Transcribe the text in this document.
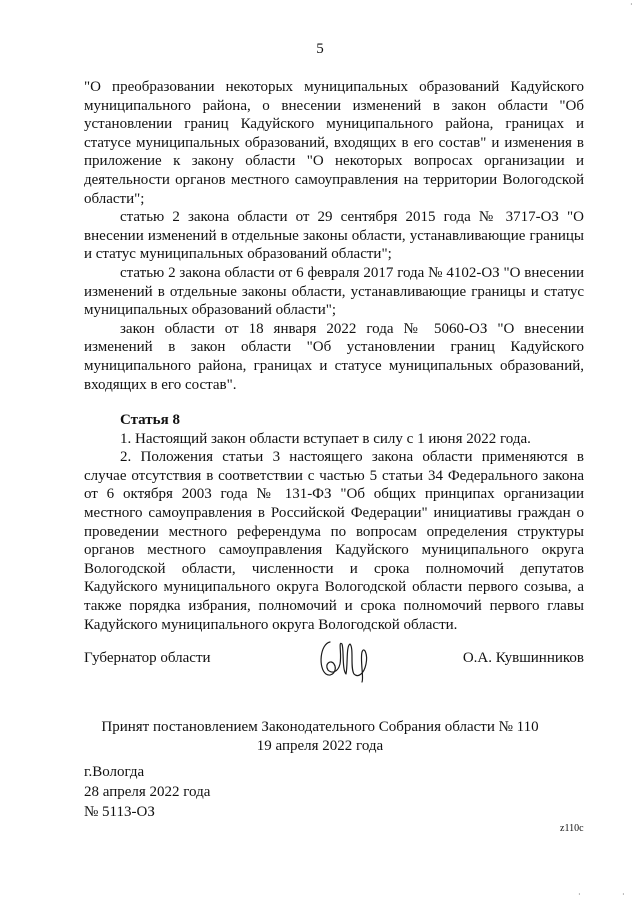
5

"О преобразовании некоторых муниципальных образований Кадуйского муниципального района, о внесении изменений в закон области "Об установлении границ Кадуйского муниципального района, границах и статусе муниципальных образований, входящих в его состав" и изменения в приложение к закону области "О некоторых вопросах организации и деятельности органов местного самоуправления на территории Вологодской области";

статью 2 закона области от 29 сентября 2015 года № 3717-ОЗ "О внесении изменений в отдельные законы области, устанавливающие границы и статус муниципальных образований области";

статью 2 закона области от 6 февраля 2017 года № 4102-ОЗ "О внесении изменений в отдельные законы области, устанавливающие границы и статус муниципальных образований области";

закон области от 18 января 2022 года № 5060-ОЗ "О внесении изменений в закон области "Об установлении границ Кадуйского муниципального района, границах и статусе муниципальных образований, входящих в его состав".

Статья 8

1. Настоящий закон области вступает в силу с 1 июня 2022 года.

2. Положения статьи 3 настоящего закона области применяются в случае отсутствия в соответствии с частью 5 статьи 34 Федерального закона от 6 октября 2003 года № 131-ФЗ "Об общих принципах организации местного самоуправления в Российской Федерации" инициативы граждан о проведении местного референдума по вопросам определения структуры органов местного самоуправления Кадуйского муниципального округа Вологодской области, численности и срока полномочий депутатов Кадуйского муниципального округа Вологодской области первого созыва, а также порядка избрания, полномочий и срока полномочий первого главы Кадуйского муниципального округа Вологодской области.

Губернатор области	О.А. Кувшинников
Принят постановлением Законодательного Собрания области № 110
19 апреля 2022 года
г.Вологда
28 апреля 2022 года
№ 5113-ОЗ
z110c
·
·	·
